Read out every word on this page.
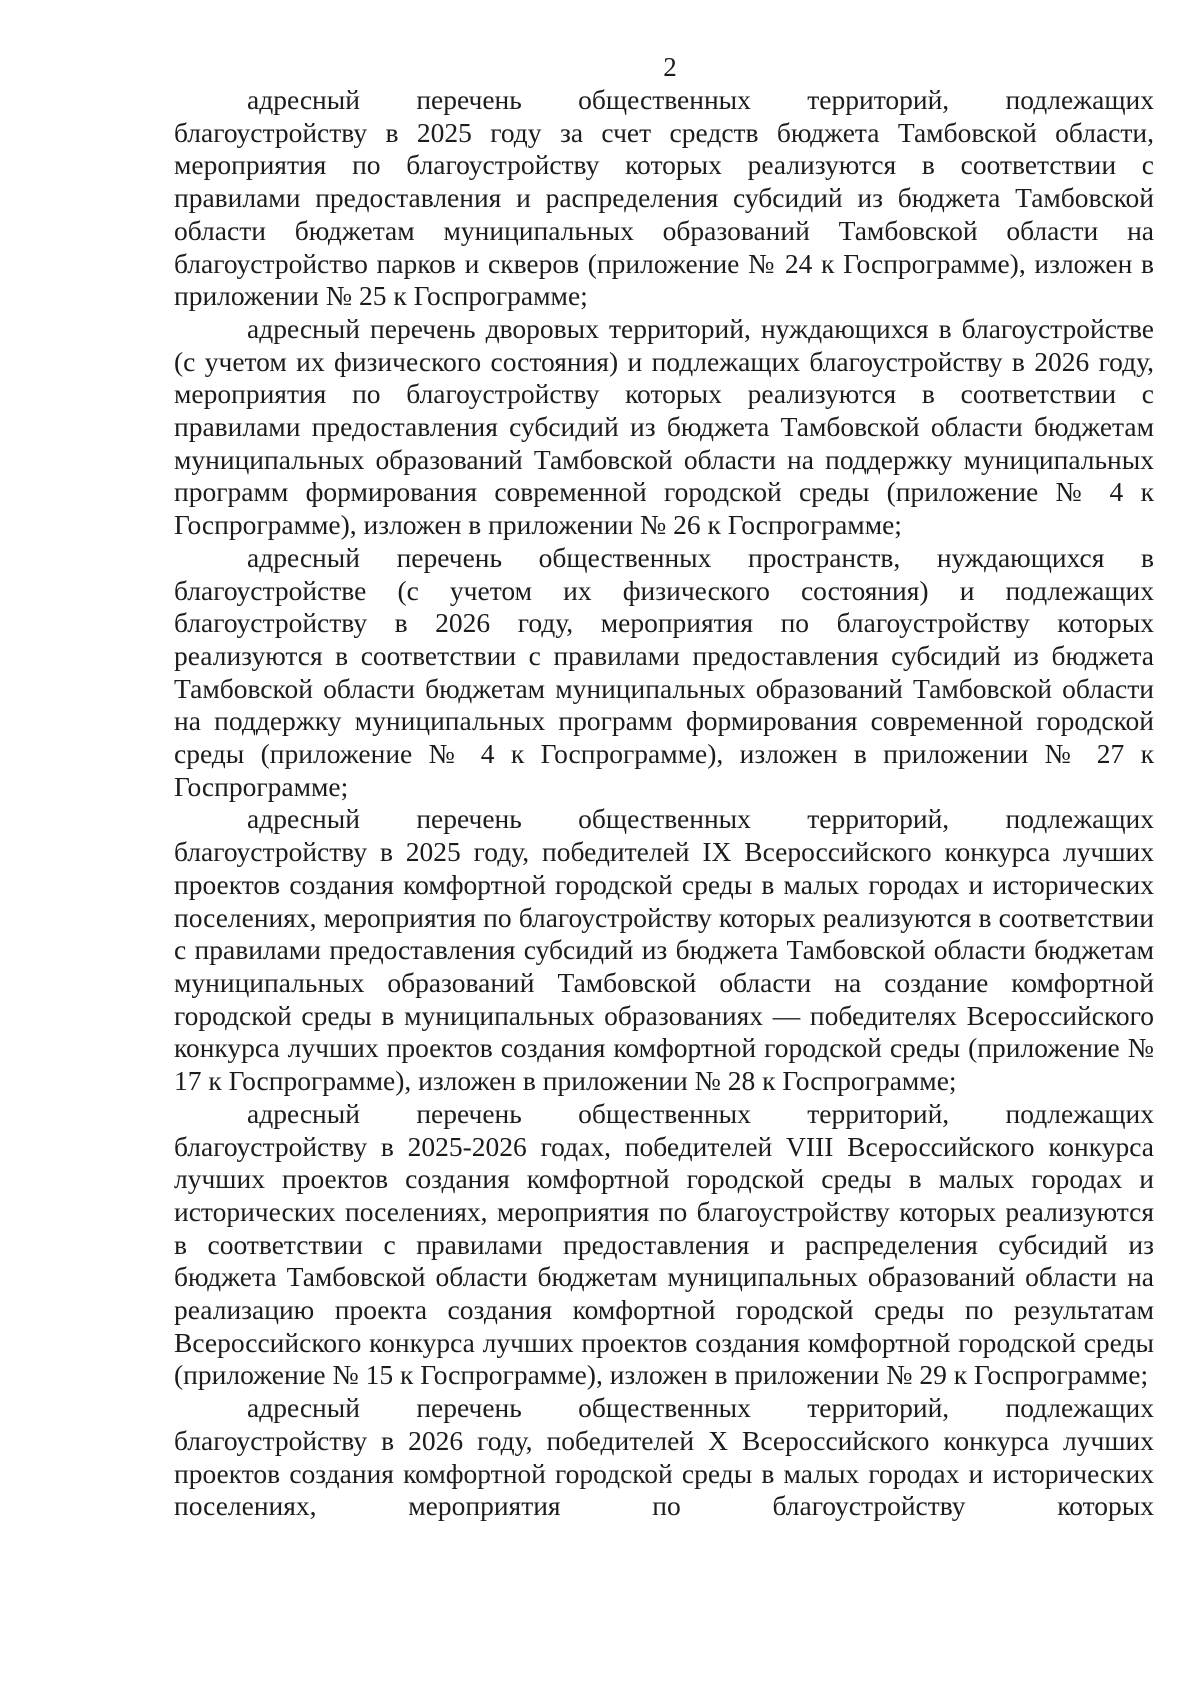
2

адресный перечень общественных территорий, подлежащих благоустройству в 2025 году за счет средств бюджета Тамбовской области, мероприятия по благоустройству которых реализуются в соответствии с правилами предоставления и распределения субсидий из бюджета Тамбовской области бюджетам муниципальных образований Тамбовской области на благоустройство парков и скверов (приложение № 24 к Госпрограмме), изложен в приложении № 25 к Госпрограмме;

адресный перечень дворовых территорий, нуждающихся в благоустройстве (с учетом их физического состояния) и подлежащих благоустройству в 2026 году, мероприятия по благоустройству которых реализуются в соответствии с правилами предоставления субсидий из бюджета Тамбовской области бюджетам муниципальных образований Тамбовской области на поддержку муниципальных программ формирования современной городской среды (приложение № 4 к Госпрограмме), изложен в приложении № 26 к Госпрограмме;

адресный перечень общественных пространств, нуждающихся в благоустройстве (с учетом их физического состояния) и подлежащих благоустройству в 2026 году, мероприятия по благоустройству которых реализуются в соответствии с правилами предоставления субсидий из бюджета Тамбовской области бюджетам муниципальных образований Тамбовской области на поддержку муниципальных программ формирования современной городской среды (приложение № 4 к Госпрограмме), изложен в приложении № 27 к Госпрограмме;

адресный перечень общественных территорий, подлежащих благоустройству в 2025 году, победителей IX Всероссийского конкурса лучших проектов создания комфортной городской среды в малых городах и исторических поселениях, мероприятия по благоустройству которых реализуются в соответствии с правилами предоставления субсидий из бюджета Тамбовской области бюджетам муниципальных образований Тамбовской области на создание комфортной городской среды в муниципальных образованиях — победителях Всероссийского конкурса лучших проектов создания комфортной городской среды (приложение № 17 к Госпрограмме), изложен в приложении № 28 к Госпрограмме;

адресный перечень общественных территорий, подлежащих благоустройству в 2025-2026 годах, победителей VIII Всероссийского конкурса лучших проектов создания комфортной городской среды в малых городах и исторических поселениях, мероприятия по благоустройству которых реализуются в соответствии с правилами предоставления и распределения субсидий из бюджета Тамбовской области бюджетам муниципальных образований области на реализацию проекта создания комфортной городской среды по результатам Всероссийского конкурса лучших проектов создания комфортной городской среды (приложение № 15 к Госпрограмме), изложен в приложении № 29 к Госпрограмме;

адресный перечень общественных территорий, подлежащих благоустройству в 2026 году, победителей X Всероссийского конкурса лучших проектов создания комфортной городской среды в малых городах и исторических поселениях, мероприятия по благоустройству которых
